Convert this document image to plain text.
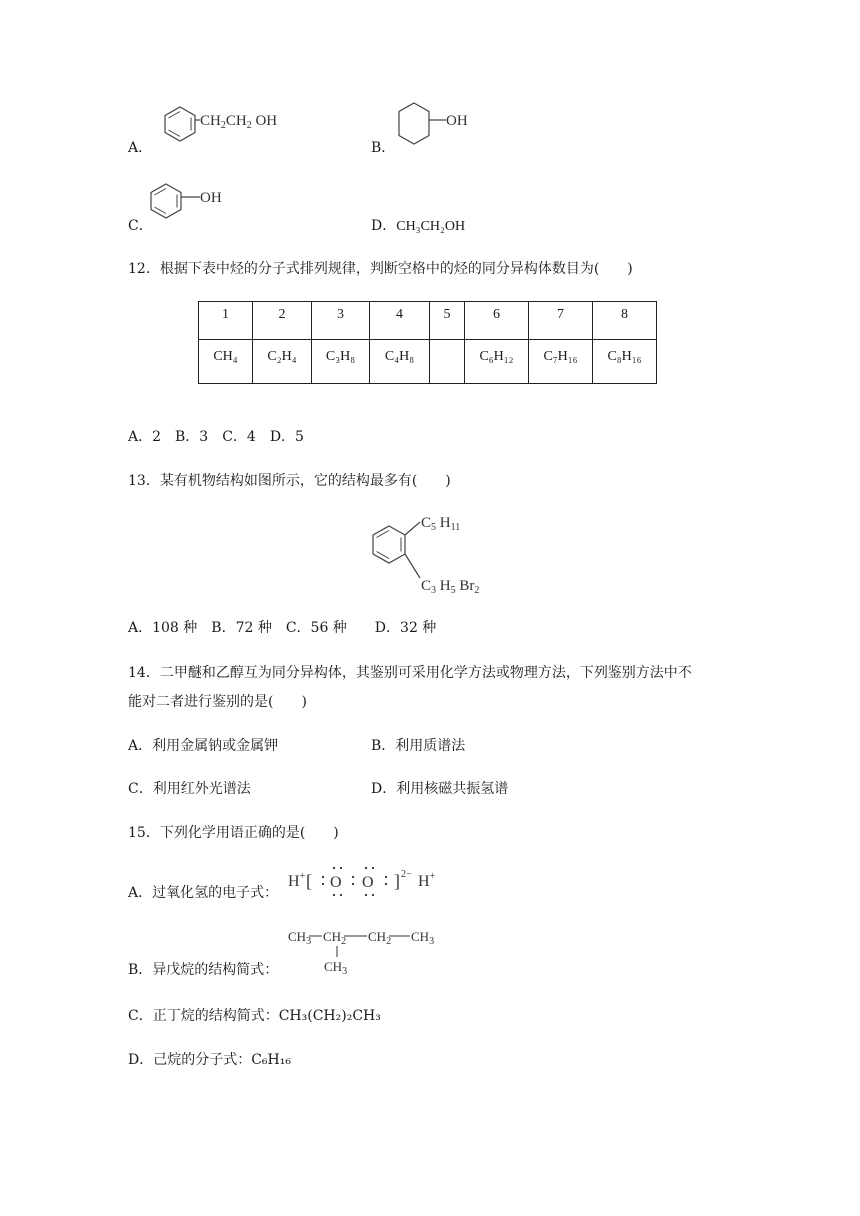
A．
$CH_2CH_2$ OH
B．
OH
C．
OH
D．CH₃CH₂OH
12．根据下表中烃的分子式排列规律，判断空格中的烃的同分异构体数目为(　　)
1	2	3	4	5	6	7	8
CH₄	C₂H₄	C₃H₈	C₄H₈		C₆H₁₂	C₇H₁₆	C₈H₁₆
A．2　B．3　C．4　D．5
13．某有机物结构如图所示，它的结构最多有(　　)
$C_5$ $H_{11}$
$C_3$ $H_5$ $Br_2$
A．108 种　B．72 种　C．56 种　　D．32 种
14．二甲醚和乙醇互为同分异构体，其鉴别可采用化学方法或物理方法，下列鉴别方法中不
能对二者进行鉴别的是(　　)
A．利用金属钠或金属钾	B．利用质谱法
C．利用红外光谱法	D．利用核磁共振氢谱
15．下列化学用语正确的是(　　)
A．过氧化氢的电子式：
H+ [ O O ] 2− H+
B．异戊烷的结构简式：
$CH_3$ $CH_2$ $CH_2$ $CH_3$
$CH_3$
C．正丁烷的结构简式：CH₃(CH₂)₂CH₃
D．己烷的分子式：C₆H₁₆
